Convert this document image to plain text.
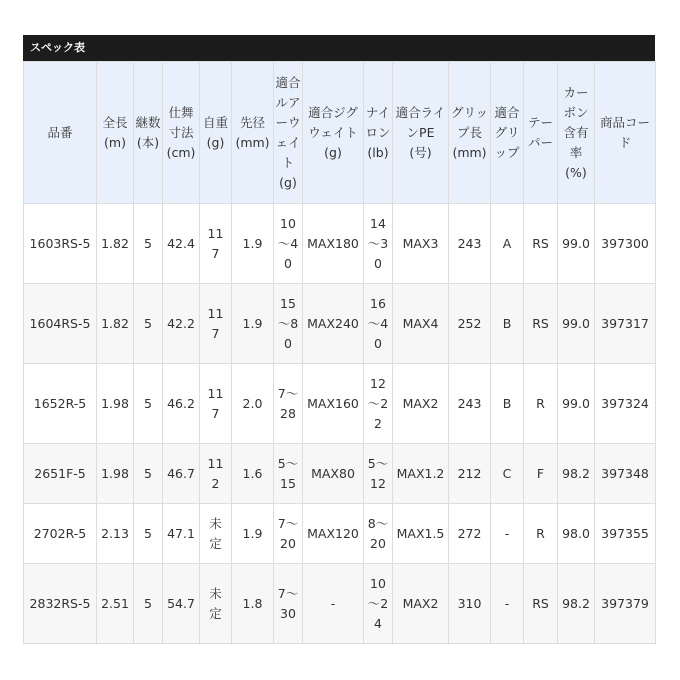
スペック表
品番	全長(m)	継数(本)	仕舞寸法(cm)	自重(g)	先径(mm)	適合ルアーウェイト(g)	適合ジグウェイト(g)	ナイロン(lb)	適合ラインPE(号)	グリップ長(mm)	適合グリップ	テーパー	カーボン含有率(%)	商品コード
1603RS-5	1.82	5	42.4	117	1.9	10～40	MAX180	14～30	MAX3	243	A	RS	99.0	397300
1604RS-5	1.82	5	42.2	117	1.9	15～80	MAX240	16～40	MAX4	252	B	RS	99.0	397317
1652R-5	1.98	5	46.2	117	2.0	7～28	MAX160	12～22	MAX2	243	B	R	99.0	397324
2651F-5	1.98	5	46.7	112	1.6	5～15	MAX80	5～12	MAX1.2	212	C	F	98.2	397348
2702R-5	2.13	5	47.1	未定	1.9	7～20	MAX120	8～20	MAX1.5	272	-	R	98.0	397355
2832RS-5	2.51	5	54.7	未定	1.8	7～30	-	10～24	MAX2	310	-	RS	98.2	397379
